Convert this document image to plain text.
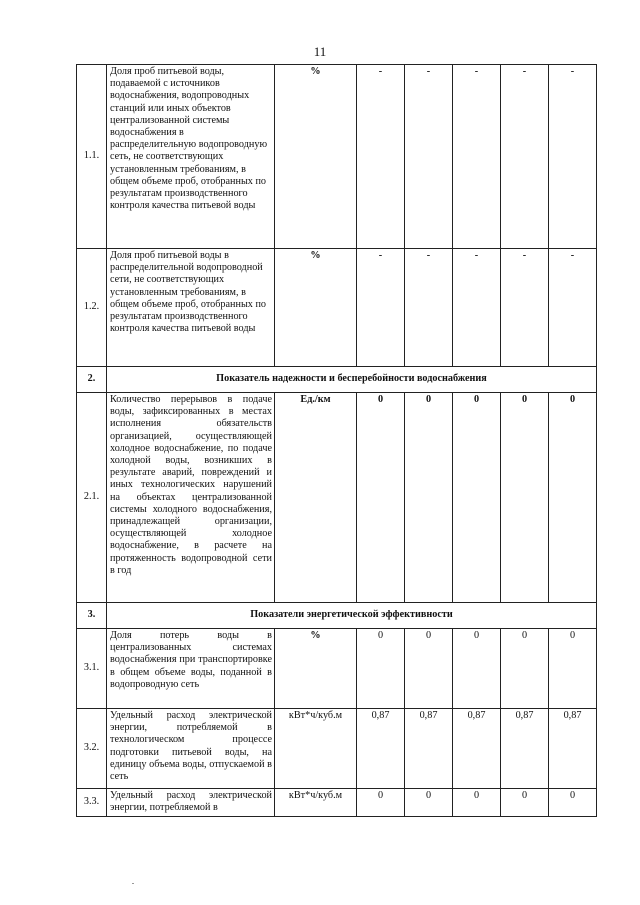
11
1.1.	Доля проб питьевой воды, подаваемой с источников водоснабжения, водопроводных станций или иных объектов централизованной системы водоснабжения в распределительную водопроводную сеть, не соответствующих установленным требованиям, в общем объеме проб, отобранных по результатам производственного контроля качества питьевой воды	%	-	-	-	-	-
1.2.	Доля проб питьевой воды в распределительной водопроводной сети, не соответствующих установленным требованиям, в общем объеме проб, отобранных по результатам производственного контроля качества питьевой воды	%	-	-	-	-	-
2.	Показатель надежности и бесперебойности водоснабжения						
2.1.	Количество перерывов в подаче воды, зафиксированных в местах исполнения обязательств организацией, осуществляющей холодное водоснабжение, по подаче холодной воды, возникших в результате аварий, повреждений и иных технологических нарушений на объектах централизованной системы холодного водоснабжения, принадлежащей организации, осуществляющей холодное водоснабжение, в расчете на протяженность водопроводной сети в год	Ед./км	0	0	0	0	0
3.	Показатели энергетической эффективности						
3.1.	Доля потерь воды в централизованных системах водоснабжения при транспортировке в общем объеме воды, поданной в водопроводную сеть	%	0	0	0	0	0
3.2.	Удельный расход электрической энергии, потребляемой в технологическом процессе подготовки питьевой воды, на единицу объема воды, отпускаемой в сеть	кВт*ч/куб.м	0,87	0,87	0,87	0,87	0,87
3.3.	Удельный расход электрической энергии, потребляемой в	кВт*ч/куб.м	0	0	0	0	0
